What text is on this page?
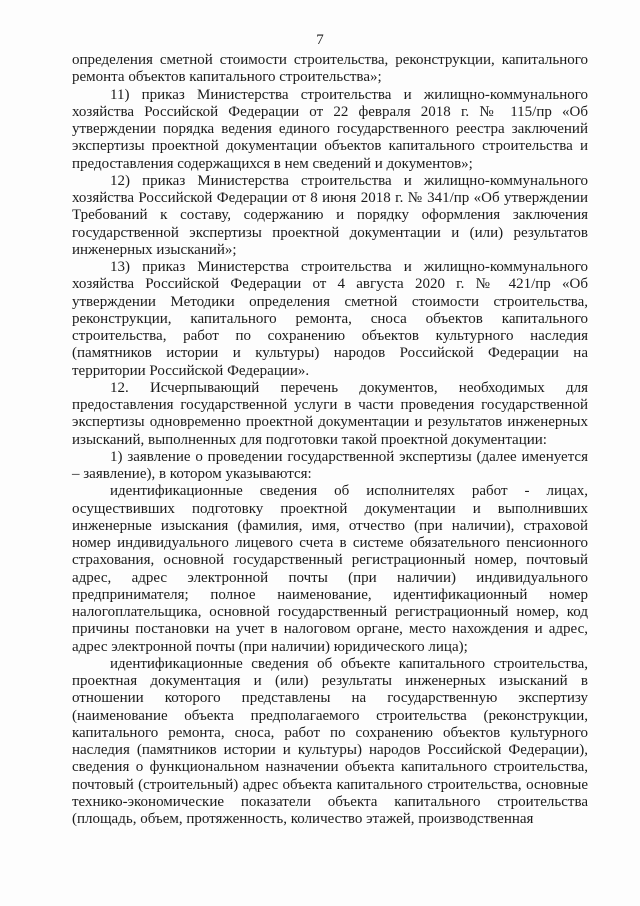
7

определения сметной стоимости строительства, реконструкции, капитального ремонта объектов капитального строительства»;

11) приказ Министерства строительства и жилищно-коммунального хозяйства Российской Федерации от 22 февраля 2018 г. № 115/пр «Об утверждении порядка ведения единого государственного реестра заключений экспертизы проектной документации объектов капитального строительства и предоставления содержащихся в нем сведений и документов»;

12) приказ Министерства строительства и жилищно-коммунального хозяйства Российской Федерации от 8 июня 2018 г. № 341/пр «Об утверждении Требований к составу, содержанию и порядку оформления заключения государственной экспертизы проектной документации и (или) результатов инженерных изысканий»;

13) приказ Министерства строительства и жилищно-коммунального хозяйства Российской Федерации от 4 августа 2020 г. № 421/пр «Об утверждении Методики определения сметной стоимости строительства, реконструкции, капитального ремонта, сноса объектов капитального строительства, работ по сохранению объектов культурного наследия (памятников истории и культуры) народов Российской Федерации на территории Российской Федерации».

12. Исчерпывающий перечень документов, необходимых для предоставления государственной услуги в части проведения государственной экспертизы одновременно проектной документации и результатов инженерных изысканий, выполненных для подготовки такой проектной документации:

1) заявление о проведении государственной экспертизы (далее именуется – заявление), в котором указываются:

идентификационные сведения об исполнителях работ - лицах, осуществивших подготовку проектной документации и выполнивших инженерные изыскания (фамилия, имя, отчество (при наличии), страховой номер индивидуального лицевого счета в системе обязательного пенсионного страхования, основной государственный регистрационный номер, почтовый адрес, адрес электронной почты (при наличии) индивидуального предпринимателя; полное наименование, идентификационный номер налогоплательщика, основной государственный регистрационный номер, код причины постановки на учет в налоговом органе, место нахождения и адрес, адрес электронной почты (при наличии) юридического лица);

идентификационные сведения об объекте капитального строительства, проектная документация и (или) результаты инженерных изысканий в отношении которого представлены на государственную экспертизу (наименование объекта предполагаемого строительства (реконструкции, капитального ремонта, сноса, работ по сохранению объектов культурного наследия (памятников истории и культуры) народов Российской Федерации), сведения о функциональном назначении объекта капитального строительства, почтовый (строительный) адрес объекта капитального строительства, основные технико-экономические показатели объекта капитального строительства (площадь, объем, протяженность, количество этажей, производственная
